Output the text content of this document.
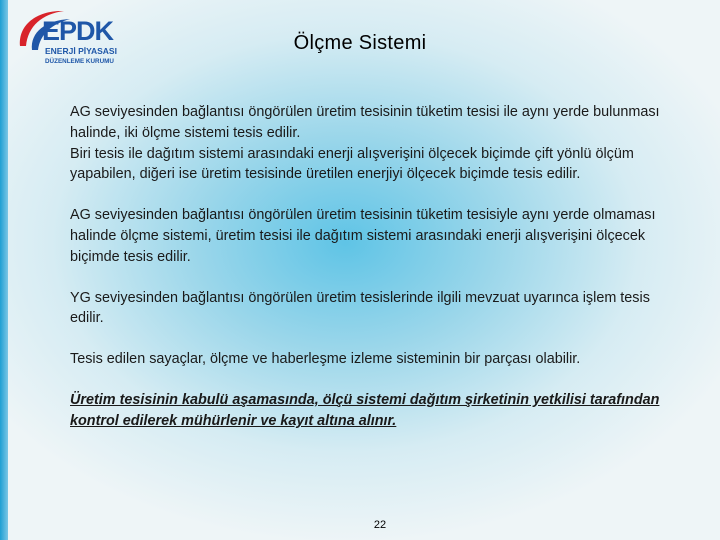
EPDK
ENERJİ PİYASASI
DÜZENLEME KURUMU
Ölçme Sistemi

AG seviyesinden bağlantısı öngörülen üretim tesisinin tüketim tesisi ile aynı yerde bulunması halinde, iki ölçme sistemi tesis edilir.

Biri tesis ile dağıtım sistemi arasındaki enerji alışverişini ölçecek biçimde çift yönlü ölçüm yapabilen, diğeri ise üretim tesisinde üretilen enerjiyi ölçecek biçimde tesis edilir.

AG seviyesinden bağlantısı öngörülen üretim tesisinin tüketim tesisiyle aynı yerde olmaması halinde ölçme sistemi, üretim tesisi ile dağıtım sistemi arasındaki enerji alışverişini ölçecek biçimde tesis edilir.

YG seviyesinden bağlantısı öngörülen üretim tesislerinde ilgili mevzuat uyarınca işlem tesis edilir.

Tesis edilen sayaçlar, ölçme ve haberleşme izleme sisteminin bir parçası olabilir.

Üretim tesisinin kabulü aşamasında, ölçü sistemi dağıtım şirketinin yetkilisi tarafından kontrol edilerek mühürlenir ve kayıt altına alınır.

22
